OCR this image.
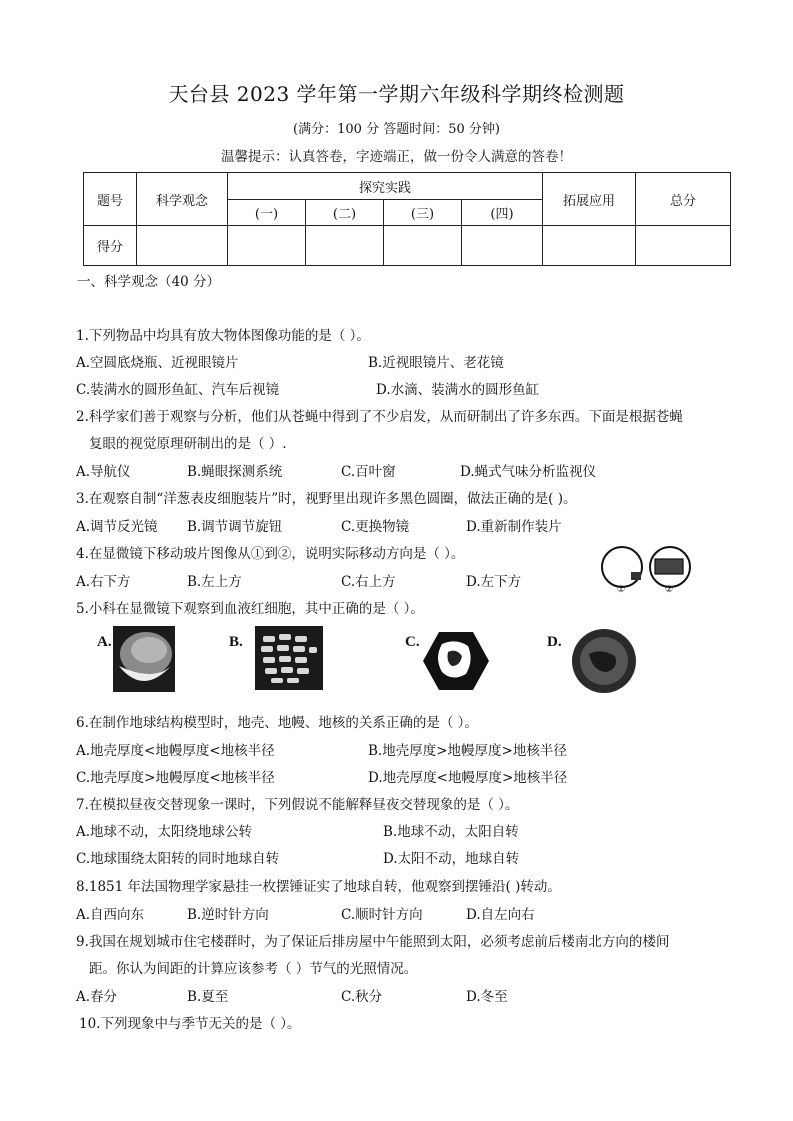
天台县 2023 学年第一学期六年级科学期终检测题
(满分：100 分 答题时间：50 分钟)
温馨提示：认真答卷，字迹端正，做一份令人满意的答卷！
题号	科学观念	探究实践				拓展应用	总分
		(一)	(二)	(三)	(四)		
得分							
一、科学观念（40 分）
1.下列物品中均具有放大物体图像功能的是（ ）。
A.空圆底烧瓶、近视眼镜片	B.近视眼镜片、老花镜
C.装满水的圆形鱼缸、汽车后视镜	D.水滴、装满水的圆形鱼缸
2.科学家们善于观察与分析，他们从苍蝇中得到了不少启发，从而研制出了许多东西。下面是根据苍蝇
复眼的视觉原理研制出的是（ ）.
A.导航仪	B.蝇眼探测系统	C.百叶窗	D.蝇式气味分析监视仪
3.在观察自制“洋葱表皮细胞装片”时，视野里出现许多黑色圆圈，做法正确的是( )。
A.调节反光镜 B.调节调节旋钮	C.更换物镜	D.重新制作装片
4.在显微镜下移动玻片图像从①到②，说明实际移动方向是（ ）。
A.右下方	B.左上方	C.右上方	D.左下方	①	②
5.小科在显微镜下观察到血液红细胞，其中正确的是（ ）。
A.	B.	C.	D.
6.在制作地球结构模型时，地壳、地幔、地核的关系正确的是（ ）。
A.地壳厚度<地幔厚度<地核半径	B.地壳厚度>地幔厚度>地核半径
C.地壳厚度>地幔厚度<地核半径	D.地壳厚度<地幔厚度>地核半径
7.在模拟昼夜交替现象一课时，下列假说不能解释昼夜交替现象的是（ ）。
A.地球不动，太阳绕地球公转	B.地球不动，太阳自转
C.地球围绕太阳转的同时地球自转	D.太阳不动，地球自转
8.1851 年法国物理学家悬挂一枚摆锤证实了地球自转，他观察到摆锤沿( )转动。
A.自西向东	B.逆时针方向	C.顺时针方向	D.自左向右
9.我国在规划城市住宅楼群时，为了保证后排房屋中午能照到太阳，必须考虑前后楼南北方向的楼间
距。你认为间距的计算应该参考（ ）节气的光照情况。
A.春分	B.夏至	C.秋分	D.冬至
10.下列现象中与季节无关的是（ ）。
